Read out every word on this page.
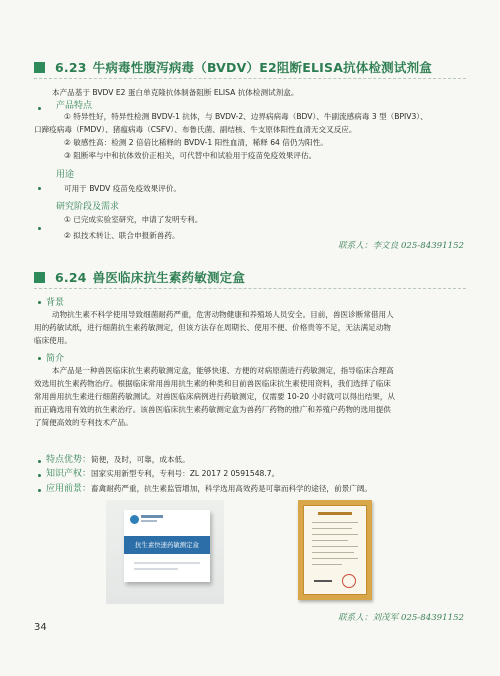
6.23 牛病毒性腹泻病毒（BVDV）E2阻断ELISA抗体检测试剂盒
本产品基于 BVDV E2 蛋白单克隆抗体制备阻断 ELISA 抗体检测试剂盒。
产品特点
① 特异性好，特异性检测 BVDV-1 抗体，与 BVDV-2、边界病病毒（BDV）、牛副流感病毒 3 型（BPIV3）、
口蹄疫病毒（FMDV）、猪瘟病毒（CSFV）、布鲁氏菌、副结核、牛支原体阳性血清无交叉反应。
② 敏感性高：检测 2 倍倍比稀释的 BVDV-1 阳性血清，稀释 64 倍仍为阳性。
③ 阻断率与中和抗体效价正相关，可代替中和试验用于疫苗免疫效果评估。
用途
可用于 BVDV 疫苗免疫效果评价。
研究阶段及需求
① 已完成实验室研究，申请了发明专利。
② 拟技术转让、联合申报新兽药。
联系人：李文良 025-84391152
6.24 兽医临床抗生素药敏测定盒
背景
动物抗生素不科学使用导致细菌耐药严重，危害动物健康和养殖场人员安全。目前，兽医诊断常借用人
用的药敏试纸，进行细菌抗生素药敏测定，但该方法存在周期长、使用不便、价格贵等不足，无法满足动物
临床使用。
简介
本产品是一种兽医临床抗生素药敏测定盒，能够快速、方便的对病原菌进行药敏测定，指导临床合理高
效选用抗生素药物治疗。根据临床常用兽用抗生素的种类和目前兽医临床抗生素使用资料，我们选择了临床
常用兽用抗生素进行细菌药敏测试。对兽医临床病例进行药敏测定，仅需要 10-20 小时就可以得出结果，从
而正确选用有效的抗生素治疗。该兽医临床抗生素药敏测定盒为兽药厂药物的推广和养殖户药物的选用提供
了简便高效的专利技术产品。
特点优势：简便，及时，可靠，成本低。
知识产权：国家实用新型专利，专利号：ZL 2017 2 0591548.7。
应用前景：畜禽耐药严重，抗生素监管增加，科学选用高效药是可靠而科学的途径，前景广阔。
抗生素快速药敏测定盒
联系人：刘茂军 025-84391152
34
